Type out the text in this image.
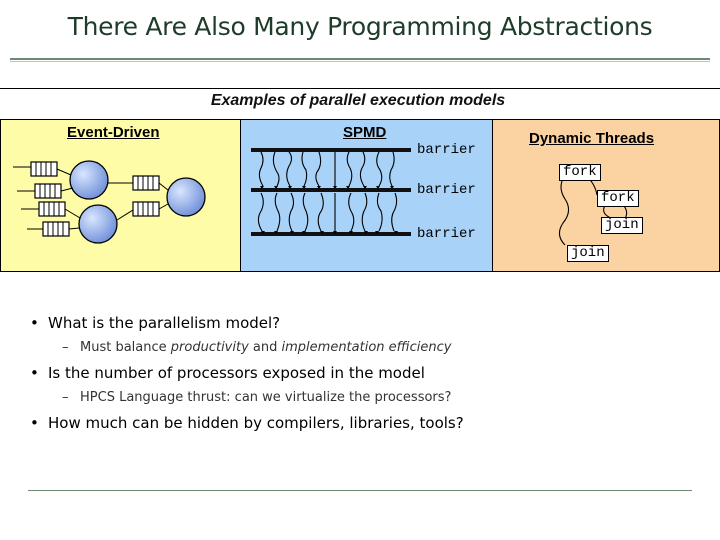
There Are Also Many Programming Abstractions
Examples of parallel execution models
Event-Driven	SPMD
barrier
barrier
barrier
Dynamic Threads
fork
fork
join
join
• What is the parallelism model?
– Must balance productivity and implementation efficiency
• Is the number of processors exposed in the model
– HPCS Language thrust: can we virtualize the processors?
• How much can be hidden by compilers, libraries, tools?
